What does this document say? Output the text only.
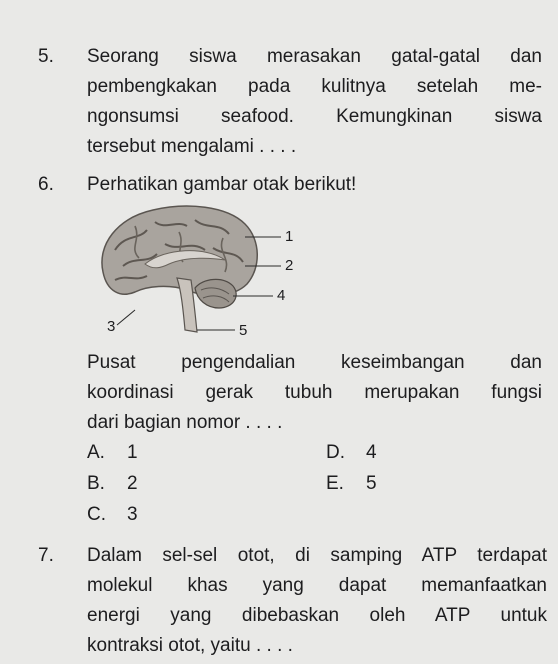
5. Seorang siswa merasakan gatal-gatal dan
pembengkakan pada kulitnya setelah me-
ngonsumsi seafood. Kemungkinan siswa
tersebut mengalami . . . .
6. Perhatikan gambar otak berikut!
1
2
4
3	5
Pusat pengendalian keseimbangan dan
koordinasi gerak tubuh merupakan fungsi
dari bagian nomor . . . .
A. 1
B. 2
C. 3
D. 4
E. 5
7. Dalam sel-sel otot, di samping ATP terdapat
molekul khas yang dapat memanfaatkan
energi yang dibebaskan oleh ATP untuk
kontraksi otot, yaitu . . . .
